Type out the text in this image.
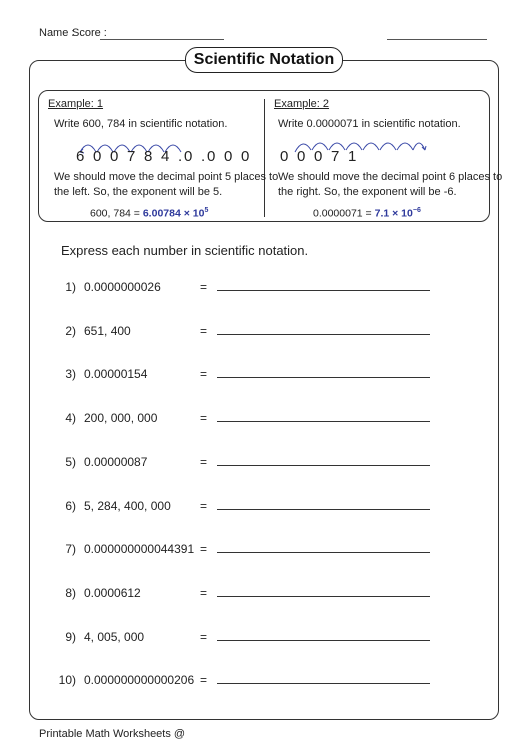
Name :
Score :
Scientific Notation
Example: 1
Write 600, 784 in scientific notation.
6 0 0 7 8 4 . 0 . 0 0 0
We should move the decimal point 5 places to
the left. So, the exponent will be 5.
600, $784 = 6.00784 \times 10^5$
Example: 2
Write 0.0000071 in scientific notation.
0 0 0 7 1
We should move the decimal point 6 places to
the right. So, the exponent will be -6.
$0.0000071 = 7.1 \times 10^{-6}$
Express each number in scientific notation.
1) 0.0000000026	=
2) 651, 400	=
3) 0.00000154	=
4) 200, 000, 000	=
5) 0.00000087	=
6) 5, 284, 400, 000 =
7) 0.000000000044391 =
8) 0.0000612	=
9) 4, 005, 000	=
10) 0.000000000000206 =
Printable Math Worksheets @
